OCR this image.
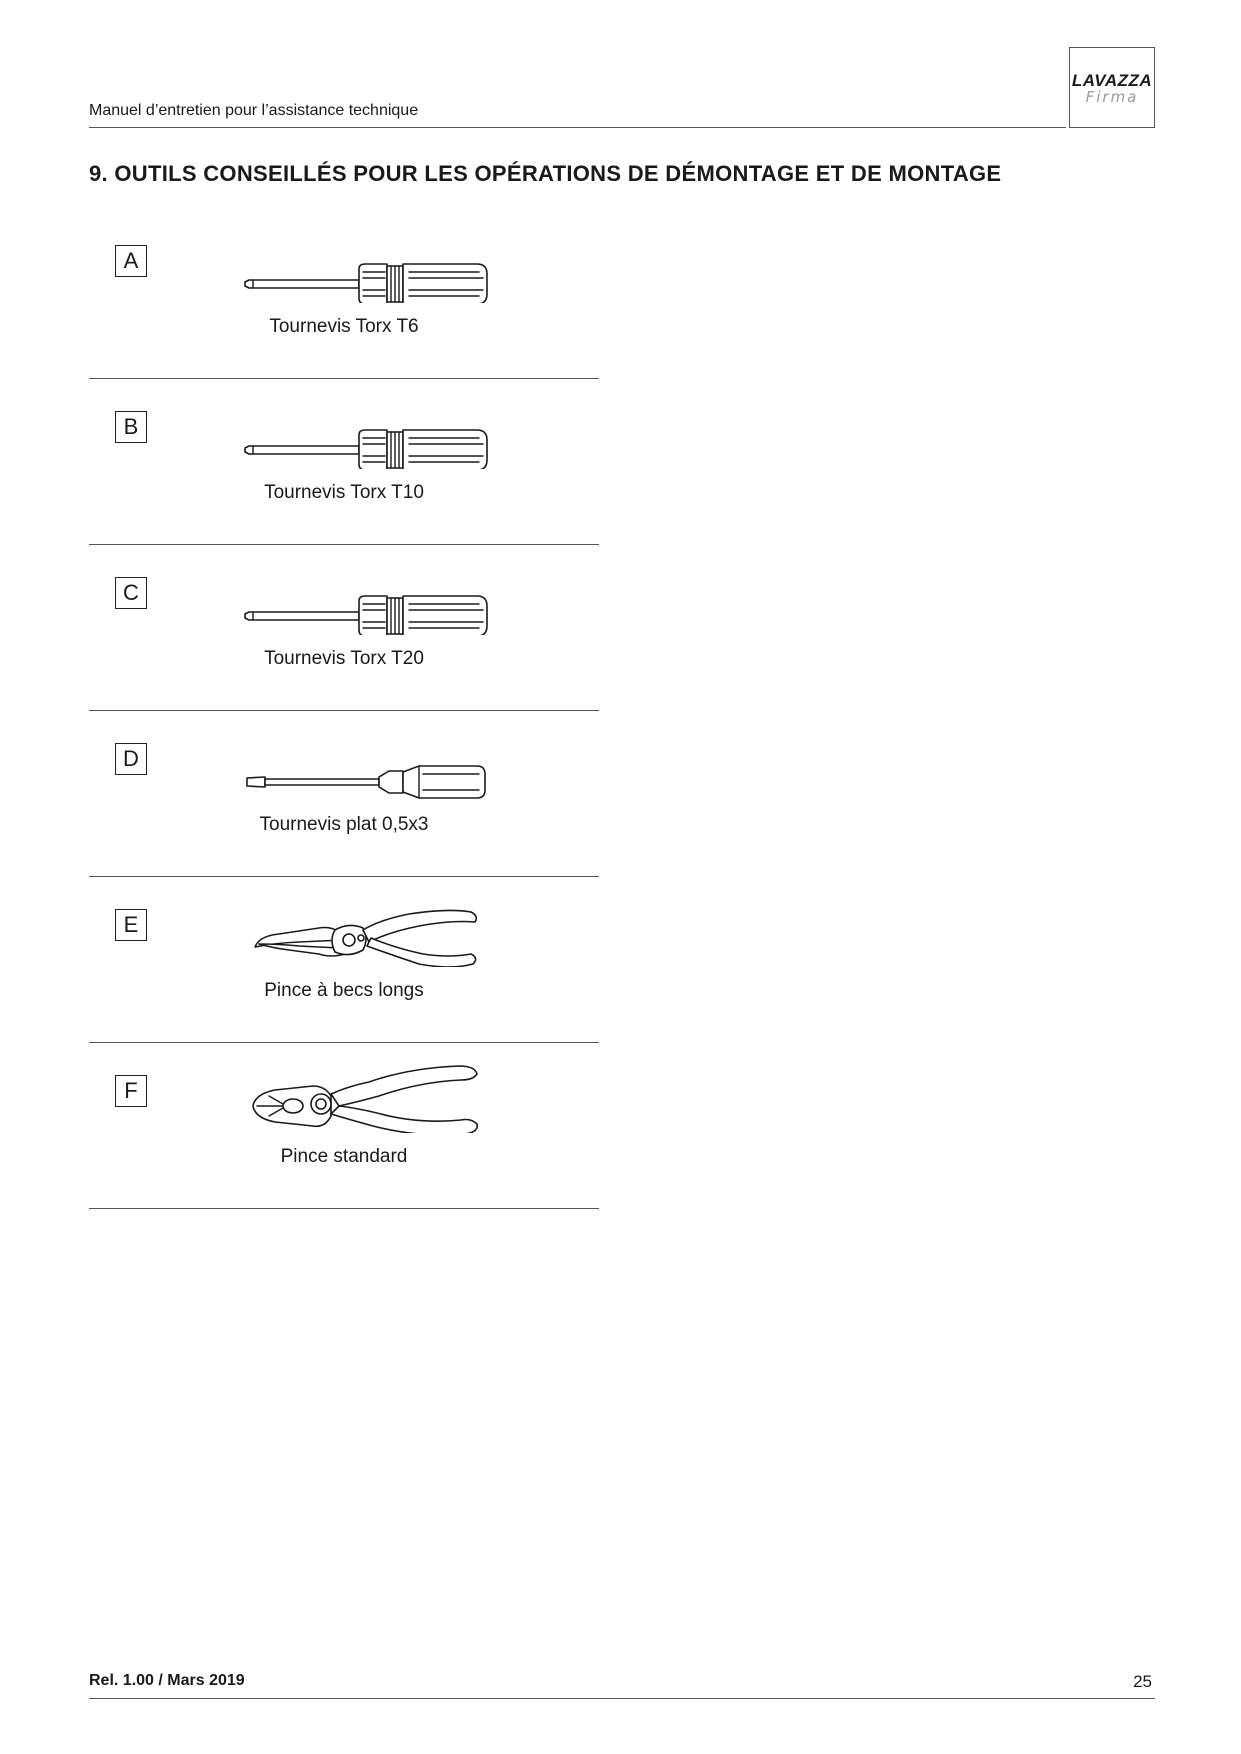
Manuel d’entretien pour l’assistance technique
LAVAZZA
Firma
9. OUTILS CONSEILLÉS POUR LES OPÉRATIONS DE DÉMONTAGE ET DE MONTAGE
A
Tournevis Torx T6
B
Tournevis Torx T10
C
Tournevis Torx T20
D
Tournevis plat 0,5x3
E
Pince à becs longs
F
Pince standard
Rel. 1.00 / Mars 2019	25
